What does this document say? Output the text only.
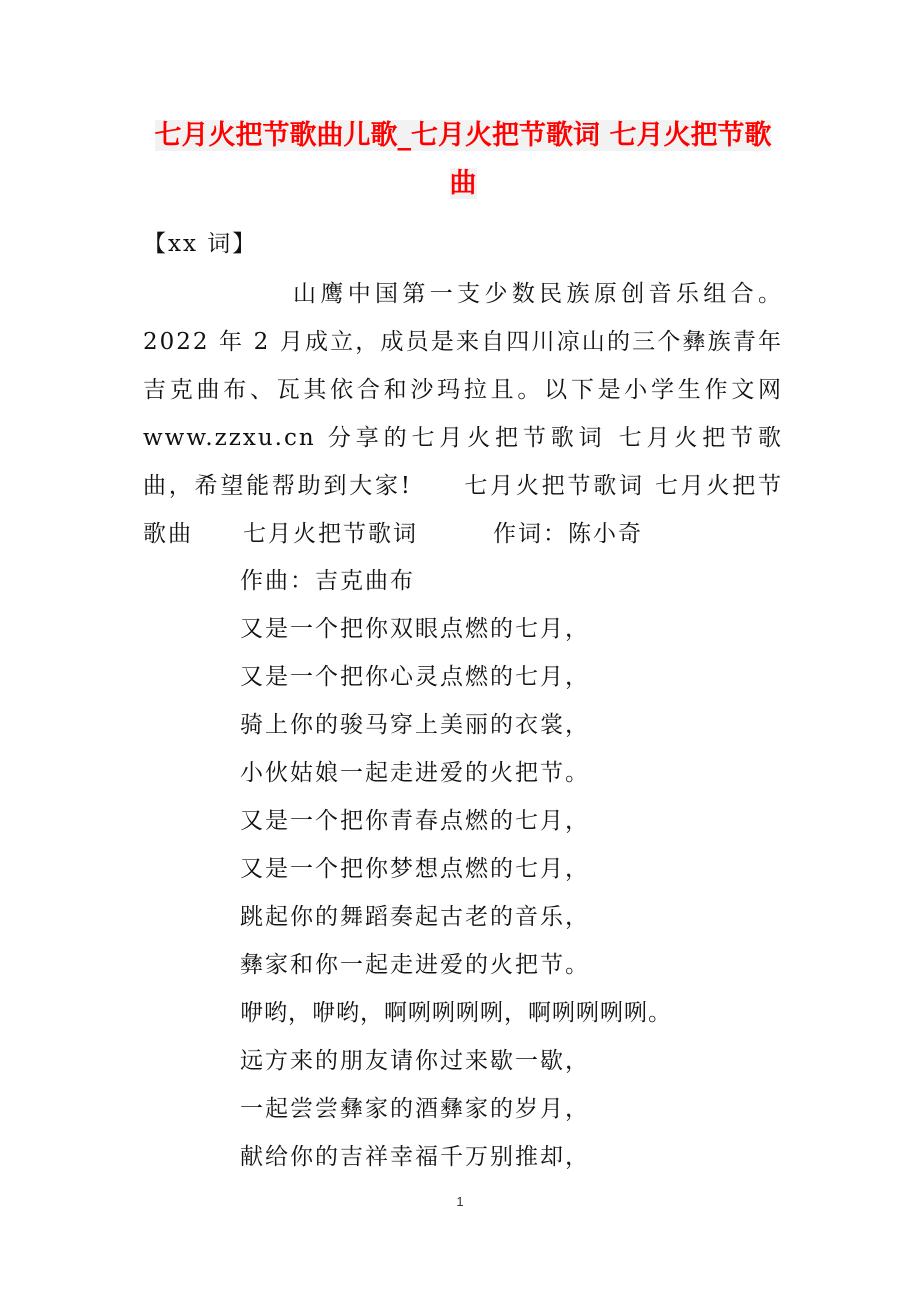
七月火把节歌曲儿歌_七月火把节歌词 七月火把节歌
曲
【xx 词】
山鹰中国第一支少数民族原创音乐组合。2022 年 2 月成立，成员是来自四川凉山的三个彝族青年吉克曲布、瓦其依合和沙玛拉且。以下是小学生作文网 www.zzxu.cn 分享的七月火把节歌词 七月火把节歌曲，希望能帮助到大家!　　七月火把节歌词 七月火把节歌曲　　七月火把节歌词　　　作词：陈小奇
作曲：吉克曲布
又是一个把你双眼点燃的七月，
又是一个把你心灵点燃的七月，
骑上你的骏马穿上美丽的衣裳，
小伙姑娘一起走进爱的火把节。
又是一个把你青春点燃的七月，
又是一个把你梦想点燃的七月，
跳起你的舞蹈奏起古老的音乐，
彝家和你一起走进爱的火把节。
咿哟，咿哟，啊咧咧咧咧，啊咧咧咧咧。
远方来的朋友请你过来歇一歇，
一起尝尝彝家的酒彝家的岁月，
献给你的吉祥幸福千万别推却，
1
